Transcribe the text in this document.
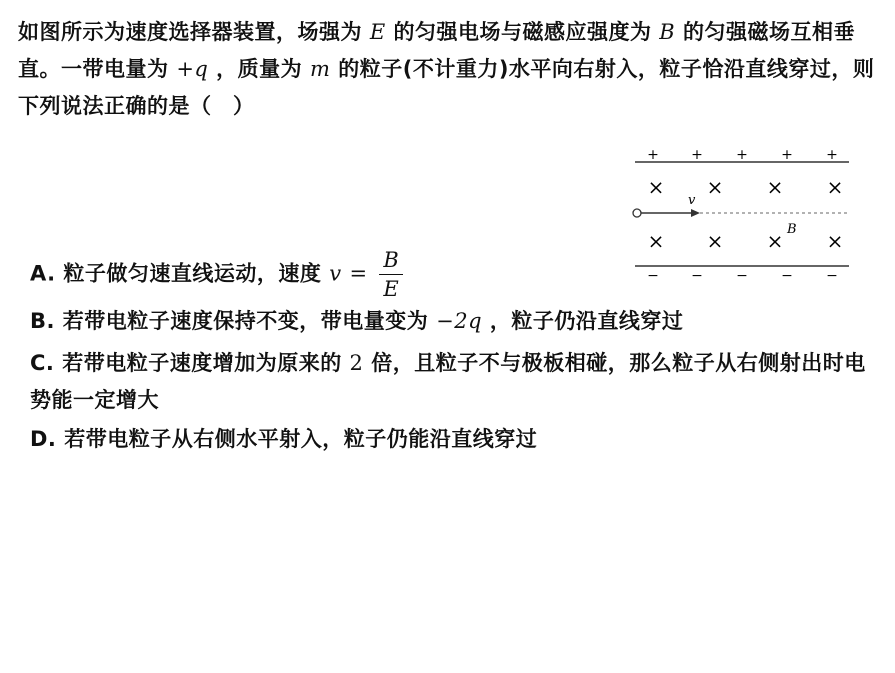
如图所示为速度选择器装置，场强为 E 的匀强电场与磁感应强度为 B 的匀强磁场互相垂直。一带电量为 +q ，质量为 m 的粒子(不计重力)水平向右射入，粒子恰沿直线穿过，则下列说法正确的是（　）
+ + + + +
− − − − −
× × × ×
× × × ×
v
B
A. 粒子做匀速直线运动，速度 $v = \frac{B}{E}$
B. 若带电粒子速度保持不变，带电量变为 −2q ，粒子仍沿直线穿过
C. 若带电粒子速度增加为原来的 2 倍，且粒子不与极板相碰，那么粒子从右侧射出时电势能一定增大
D. 若带电粒子从右侧水平射入，粒子仍能沿直线穿过
